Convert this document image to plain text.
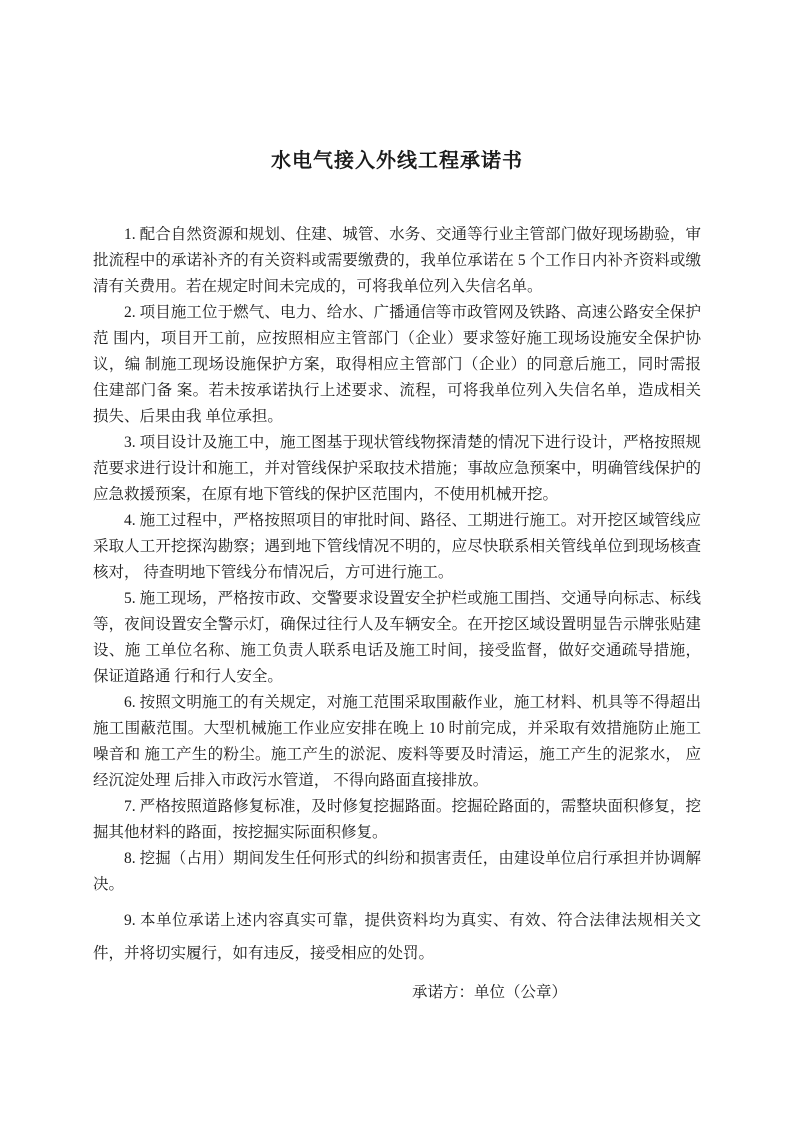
水电气接入外线工程承诺书

1. 配合自然资源和规划、住建、城管、水务、交通等行业主管部门做好现场勘验，审批流程中的承诺补齐的有关资料或需要缴费的，我单位承诺在 5 个工作日内补齐资料或缴清有关费用。若在规定时间未完成的，可将我单位列入失信名单。

2. 项目施工位于燃气、电力、给水、广播通信等市政管网及铁路、高速公路安全保护范 围内，项目开工前，应按照相应主管部门（企业）要求签好施工现场设施安全保护协议，编 制施工现场设施保护方案，取得相应主管部门（企业）的同意后施工，同时需报住建部门备 案。若未按承诺执行上述要求、流程，可将我单位列入失信名单，造成相关损失、后果由我 单位承担。

3. 项目设计及施工中，施工图基于现状管线物探清楚的情况下进行设计，严格按照规范要求进行设计和施工，并对管线保护采取技术措施；事故应急预案中，明确管线保护的应急救援预案，在原有地下管线的保护区范围内，不使用机械开挖。

4. 施工过程中，严格按照项目的审批时间、路径、工期进行施工。对开挖区域管线应采取人工开挖探沟勘察；遇到地下管线情况不明的，应尽快联系相关管线单位到现场核查核对， 待查明地下管线分布情况后，方可进行施工。

5. 施工现场，严格按市政、交警要求设置安全护栏或施工围挡、交通导向标志、标线等，夜间设置安全警示灯，确保过往行人及车辆安全。在开挖区域设置明显告示牌张贴建设、施 工单位名称、施工负责人联系电话及施工时间，接受监督，做好交通疏导措施，保证道路通 行和行人安全。

6. 按照文明施工的有关规定，对施工范围采取围蔽作业，施工材料、机具等不得超出施工围蔽范围。大型机械施工作业应安排在晚上 10 时前完成，并采取有效措施防止施工噪音和 施工产生的粉尘。施工产生的淤泥、废料等要及时清运，施工产生的泥浆水， 应经沉淀处理 后排入市政污水管道， 不得向路面直接排放。

7. 严格按照道路修复标准，及时修复挖掘路面。挖掘砼路面的，需整块面积修复，挖掘其他材料的路面，按挖掘实际面积修复。

8. 挖掘（占用）期间发生任何形式的纠纷和损害责任，由建设单位启行承担并协调解决。

9. 本单位承诺上述内容真实可靠，提供资料均为真实、有效、符合法律法规相关文件，并将切实履行，如有违反，接受相应的处罚。

承诺方：单位（公章）
